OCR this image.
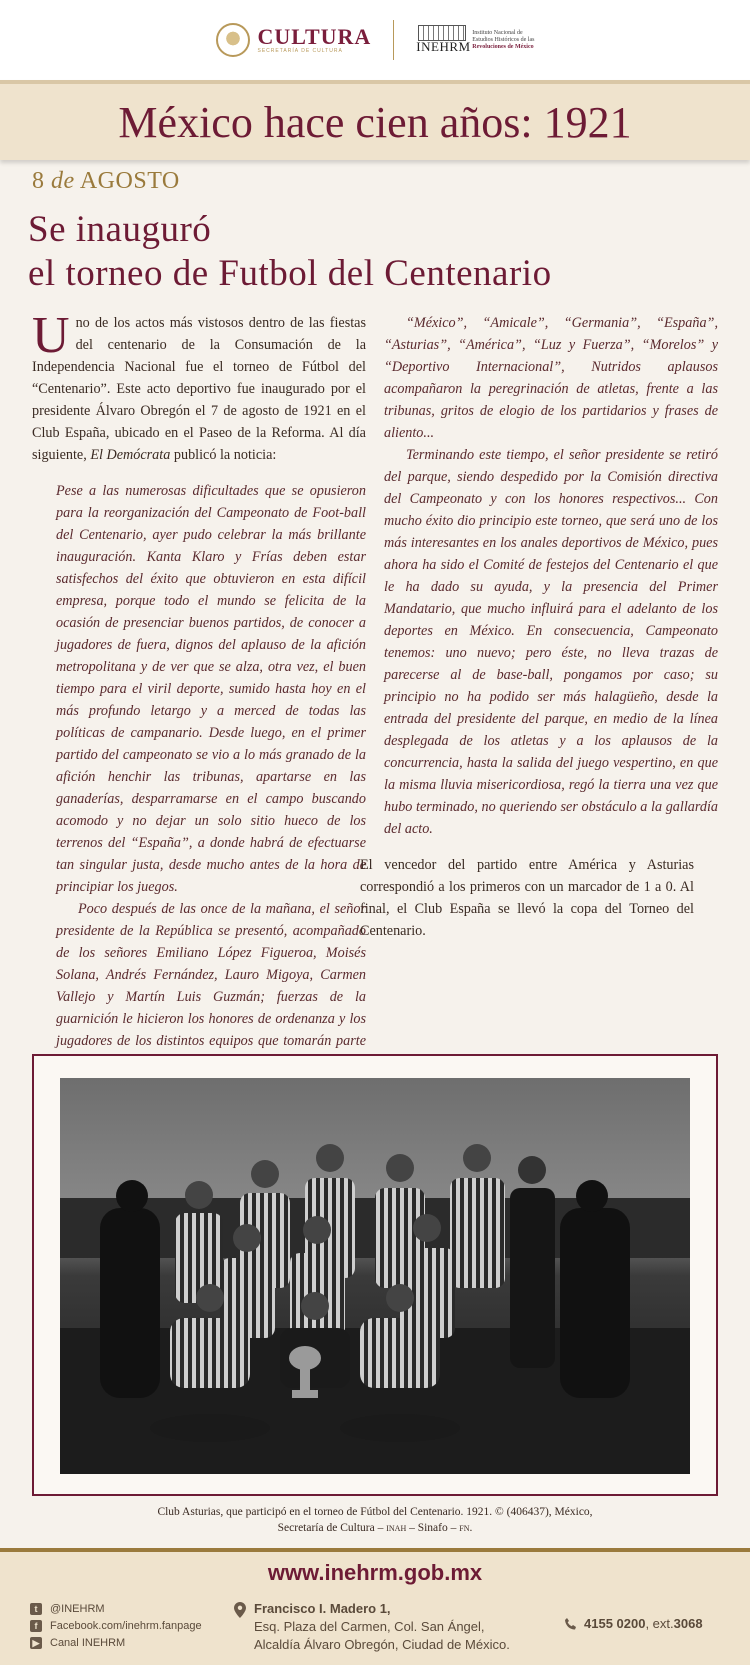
CULTURA
SECRETARÍA DE CULTURA	INEHRM
Instituto Nacional de
Estudios Históricos de las
Revoluciones de México
México hace cien años: 1921
8 de AGOSTO
Se inauguró
el torneo de Futbol del Centenario

Uno de los actos más vistosos dentro de las fiestas del centenario de la Consumación de la Independencia Nacional fue el torneo de Fútbol del “Centenario”. Este acto deportivo fue inaugurado por el presidente Álvaro Obregón el 7 de agosto de 1921 en el Club España, ubicado en el Paseo de la Reforma. Al día siguiente, El Demócrata publicó la noticia:

Pese a las numerosas dificultades que se opusieron para la reorganización del Campeonato de Foot-ball del Centenario, ayer pudo celebrar la más brillante inauguración. Kanta Klaro y Frías deben estar satisfechos del éxito que obtuvieron en esta difícil empresa, porque todo el mundo se felicita de la ocasión de presenciar buenos partidos, de conocer a jugadores de fuera, dignos del aplauso de la afición metropolitana y de ver que se alza, otra vez, el buen tiempo para el viril deporte, sumido hasta hoy en el más profundo letargo y a merced de todas las políticas de campanario. Desde luego, en el primer partido del campeonato se vio a lo más granado de la afición henchir las tribunas, apartarse en las ganaderías, desparramarse en el campo buscando acomodo y no dejar un solo sitio hueco de los terrenos del “España”, a donde habrá de efectuarse tan singular justa, desde mucho antes de la hora de principiar los juegos.

Poco después de las once de la mañana, el señor presidente de la República se presentó, acompañado de los señores Emiliano López Figueroa, Moisés Solana, Andrés Fernández, Lauro Migoya, Carmen Vallejo y Martín Luis Guzmán; fuerzas de la guarnición le hicieron los honores de ordenanza y los jugadores de los distintos equipos que tomarán parte

“México”, “Amicale”, “Germania”, “España”, “Asturias”, “América”, “Luz y Fuerza”, “Morelos” y “Deportivo Internacional”, Nutridos aplausos acompañaron la peregrinación de atletas, frente a las tribunas, gritos de elogio de los partidarios y frases de aliento...

Terminando este tiempo, el señor presidente se retiró del parque, siendo despedido por la Comisión directiva del Campeonato y con los honores respectivos... Con mucho éxito dio principio este torneo, que será uno de los más interesantes en los anales deportivos de México, pues ahora ha sido el Comité de festejos del Centenario el que le ha dado su ayuda, y la presencia del Primer Mandatario, que mucho influirá para el adelanto de los deportes en México. En consecuencia, Campeonato tenemos: uno nuevo; pero éste, no lleva trazas de parecerse al de base-ball, pongamos por caso; su principio no ha podido ser más halagüeño, desde la entrada del presidente del parque, en medio de la línea desplegada de los atletas y a los aplausos de la concurrencia, hasta la salida del juego vespertino, en que la misma lluvia misericordiosa, regó la tierra una vez que hubo terminado, no queriendo ser obstáculo a la gallardía del acto.

El vencedor del partido entre América y Asturias correspondió a los primeros con un marcador de 1 a 0. Al final, el Club España se llevó la copa del Torneo del Centenario.

Club Asturias, que participó en el torneo de Fútbol del Centenario. 1921. © (406437), México,
Secretaría de Cultura – inah – Sinafo – fn.
www.inehrm.gob.mx
t	@INEHRM
f	Facebook.com/inehrm.fanpage
▶ Canal
INEHRM
Francisco I. Madero 1,
Esq. Plaza del Carmen, Col. San Ángel,
Alcaldía Álvaro Obregón, Ciudad de México.
4155 0200 , ext. 3068
